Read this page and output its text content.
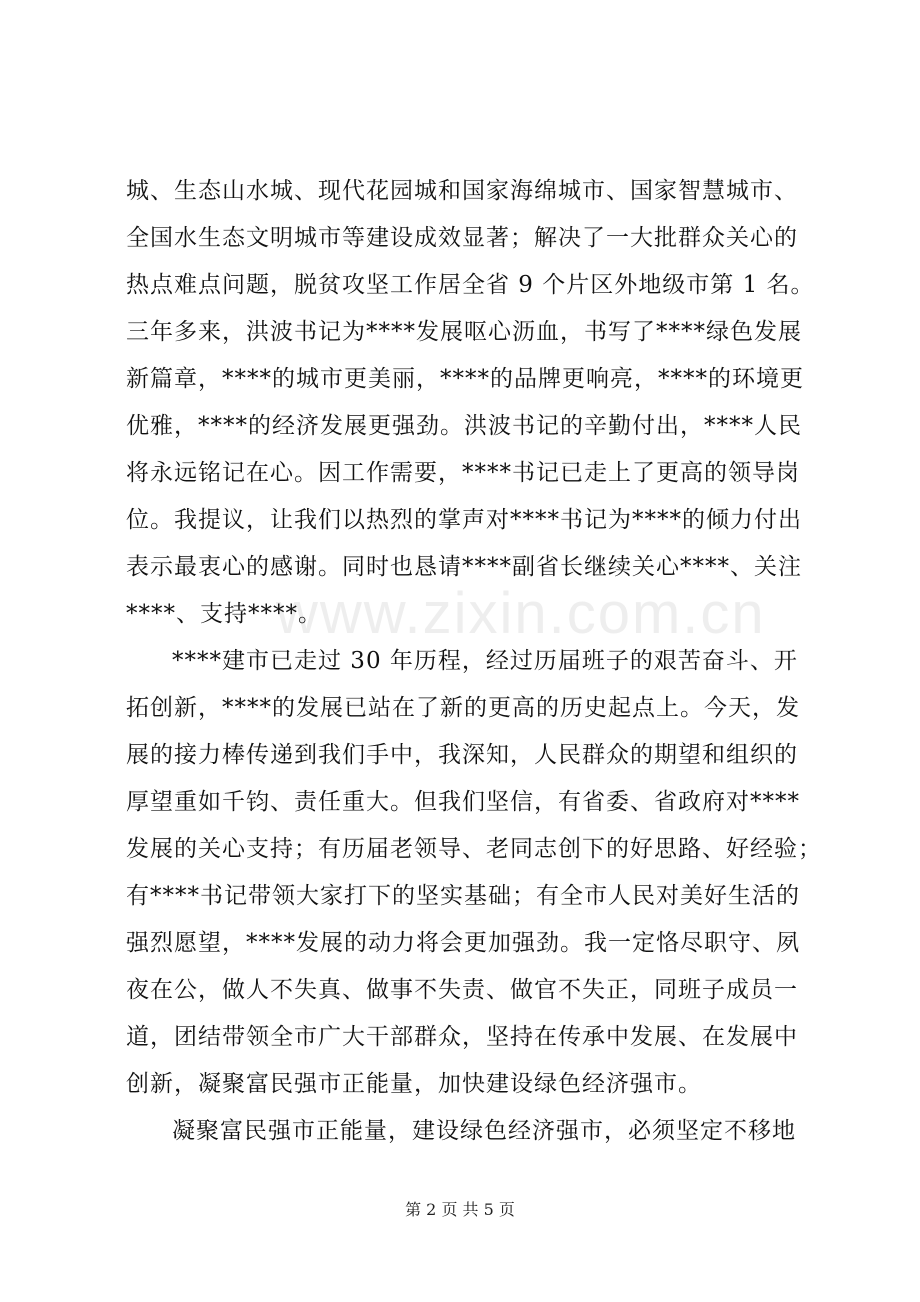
www.zixin.com.cn
城、生态山水城、现代花园城和国家海绵城市、国家智慧城市、
全国水生态文明城市等建设成效显著；解决了一大批群众关心的
热点难点问题，脱贫攻坚工作居全省 9 个片区外地级市第 1 名。
三年多来，洪波书记为****发展呕心沥血，书写了****绿色发展
新篇章，****的城市更美丽，****的品牌更响亮，****的环境更
优雅，****的经济发展更强劲。洪波书记的辛勤付出，****人民
将永远铭记在心。因工作需要，****书记已走上了更高的领导岗
位。我提议，让我们以热烈的掌声对****书记为****的倾力付出
表示最衷心的感谢。同时也恳请****副省长继续关心****、关注
****、支持****。
****建市已走过 30 年历程，经过历届班子的艰苦奋斗、开
拓创新，****的发展已站在了新的更高的历史起点上。今天，发
展的接力棒传递到我们手中，我深知，人民群众的期望和组织的
厚望重如千钧、责任重大。但我们坚信，有省委、省政府对****
发展的关心支持；有历届老领导、老同志创下的好思路、好经验；
有****书记带领大家打下的坚实基础；有全市人民对美好生活的
强烈愿望，****发展的动力将会更加强劲。我一定恪尽职守、夙
夜在公，做人不失真、做事不失责、做官不失正，同班子成员一
道，团结带领全市广大干部群众，坚持在传承中发展、在发展中
创新，凝聚富民强市正能量，加快建设绿色经济强市。
凝聚富民强市正能量，建设绿色经济强市，必须坚定不移地
第 2 页 共 5 页
